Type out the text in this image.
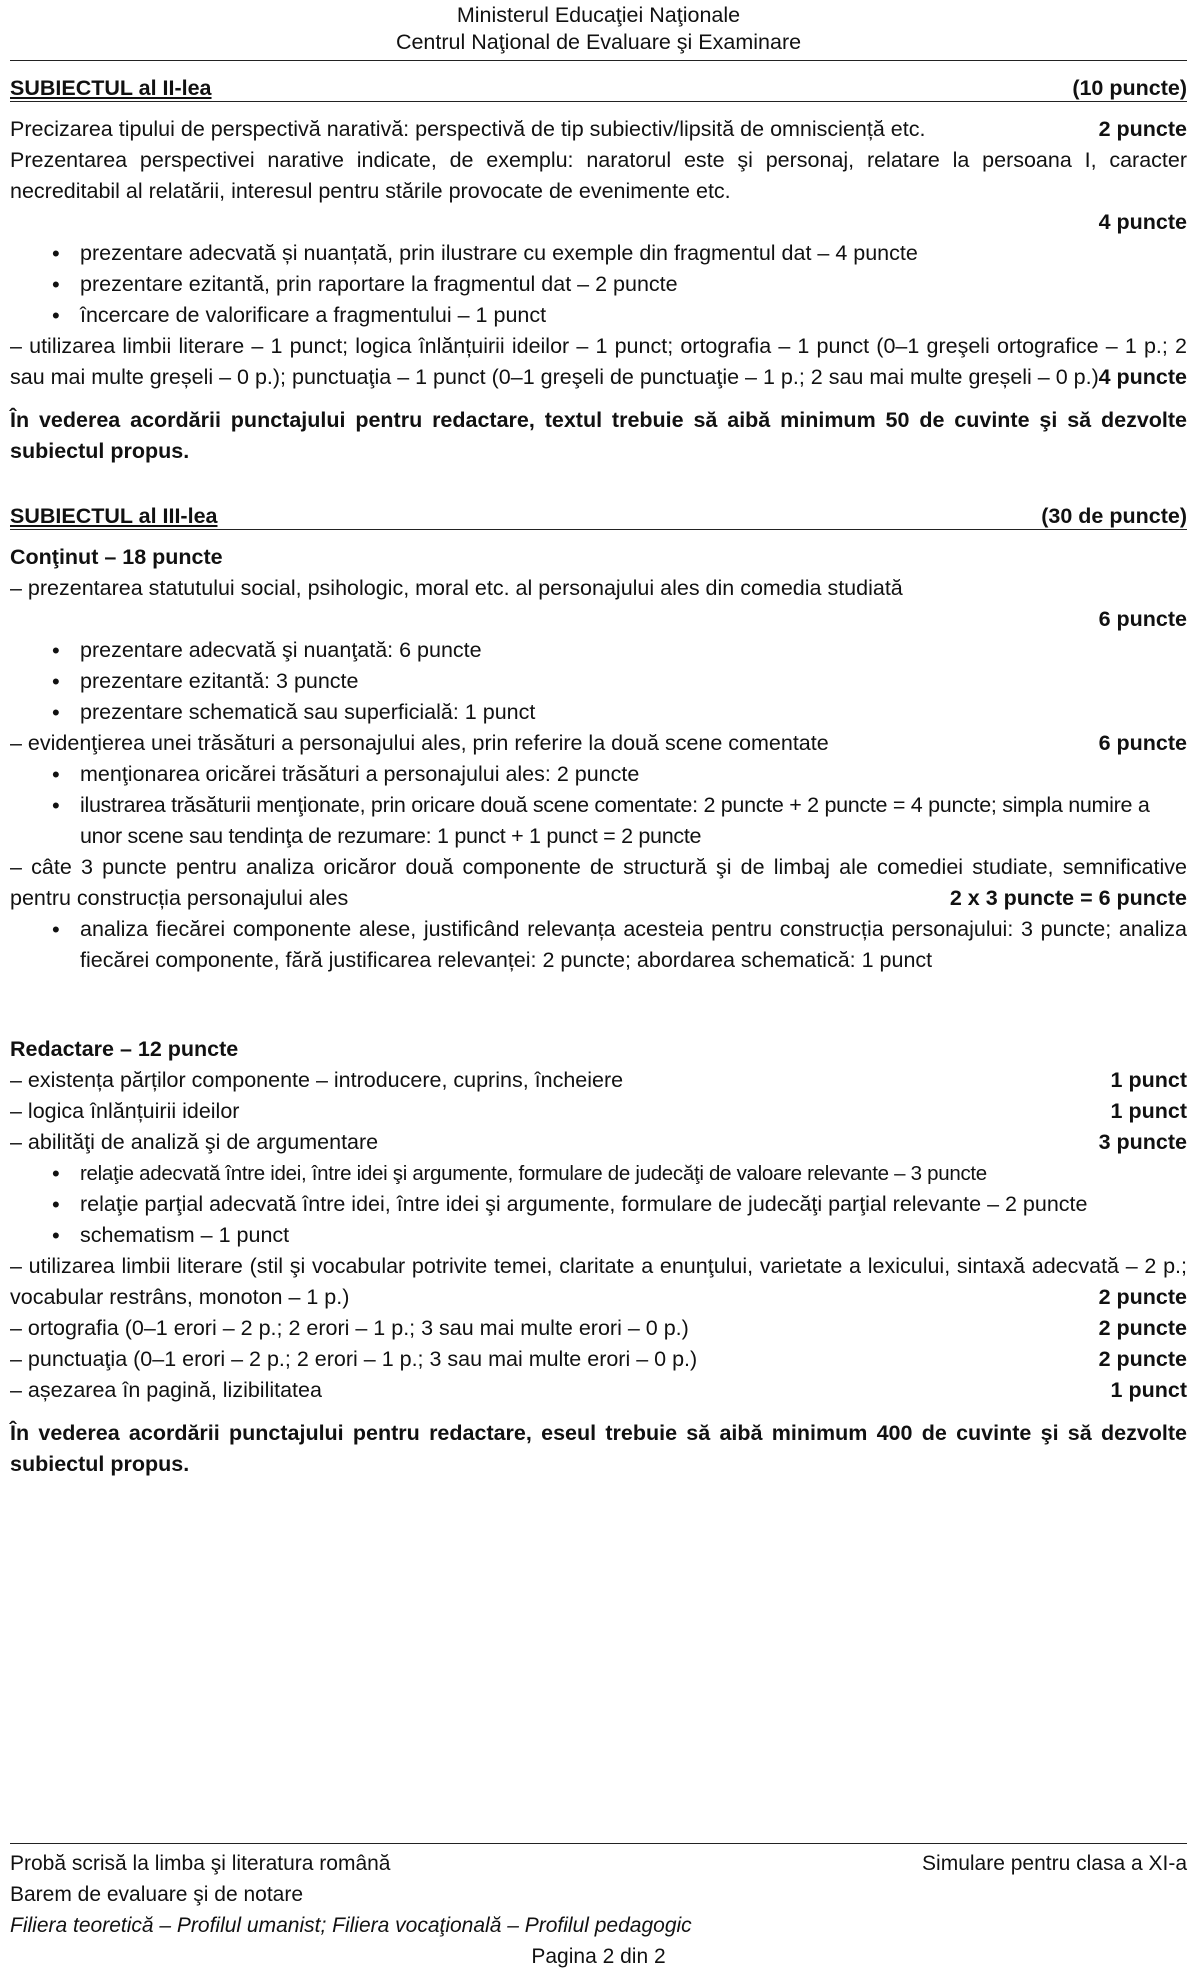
Ministerul Educaţiei Naţionale
Centrul Naţional de Evaluare şi Examinare
SUBIECTUL al II-lea	(10 puncte)
Precizarea tipului de perspectivă narativă: perspectivă de tip subiectiv/lipsită de omnisciență etc.	2 puncte
Prezentarea perspectivei narative indicate, de exemplu: naratorul este şi personaj, relatare la persoana I, caracter necreditabil al relatării, interesul pentru stările provocate de evenimente etc.
4 puncte
• prezentare adecvată și nuanțată, prin ilustrare cu exemple din fragmentul dat – 4 puncte
• prezentare ezitantă, prin raportare la fragmentul dat – 2 puncte
• încercare de valorificare a fragmentului – 1 punct
– utilizarea limbii literare – 1 punct; logica înlănțuirii ideilor – 1 punct; ortografia – 1 punct (0–1 greşeli ortografice – 1 p.; 2 sau mai multe greșeli – 0 p.); punctuaţia – 1 punct (0–1 greşeli de punctuaţie – 1 p.; 2 sau mai multe greșeli – 0 p.) 4 puncte
În vederea acordării punctajului pentru redactare, textul trebuie să aibă minimum 50 de cuvinte şi să dezvolte subiectul propus.
SUBIECTUL al III-lea	(30 de puncte)
Conţinut – 18 puncte
– prezentarea statutului social, psihologic, moral etc. al personajului ales din comedia studiată
6 puncte
• prezentare adecvată şi nuanţată: 6 puncte
• prezentare ezitantă: 3 puncte
• prezentare schematică sau superficială: 1 punct
– evidenţierea unei trăsături a personajului ales, prin referire la două scene comentate	6 puncte
• menţionarea oricărei trăsături a personajului ales: 2 puncte
• ilustrarea trăsăturii menţionate, prin oricare două scene comentate: 2 puncte + 2 puncte = 4 puncte; simpla numire a unor scene sau tendinţa de rezumare: 1 punct + 1 punct = 2 puncte
– câte 3 puncte pentru analiza oricăror două componente de structură şi de limbaj ale comediei studiate, semnificative pentru construcția personajului ales	2 x 3 puncte = 6 puncte
• analiza fiecărei componente alese, justificând relevanța acesteia pentru construcția personajului: 3 puncte; analiza fiecărei componente, fără justificarea relevanței: 2 puncte; abordarea schematică: 1 punct
Redactare – 12 puncte
– existența părților componente – introducere, cuprins, încheiere	1 punct
– logica înlănțuirii ideilor	1 punct
– abilităţi de analiză şi de argumentare	3 puncte
• relaţie adecvată între idei, între idei şi argumente, formulare de judecăţi de valoare relevante – 3 puncte
• relaţie parţial adecvată între idei, între idei şi argumente, formulare de judecăţi parţial relevante – 2 puncte
• schematism – 1 punct
– utilizarea limbii literare (stil şi vocabular potrivite temei, claritate a enunţului, varietate a lexicului, sintaxă adecvată – 2 p.; vocabular restrâns, monoton – 1 p.)	2 puncte
– ortografia (0–1 erori – 2 p.; 2 erori – 1 p.; 3 sau mai multe erori – 0 p.)	2 puncte
– punctuaţia (0–1 erori – 2 p.; 2 erori – 1 p.; 3 sau mai multe erori – 0 p.)	2 puncte
– așezarea în pagină, lizibilitatea	1 punct
În vederea acordării punctajului pentru redactare, eseul trebuie să aibă minimum 400 de cuvinte şi să dezvolte subiectul propus.
Probă scrisă la limba şi literatura română	Simulare pentru clasa a XI-a
Barem de evaluare şi de notare
Filiera teoretică – Profilul umanist; Filiera vocaţională – Profilul pedagogic
Pagina 2 din 2
